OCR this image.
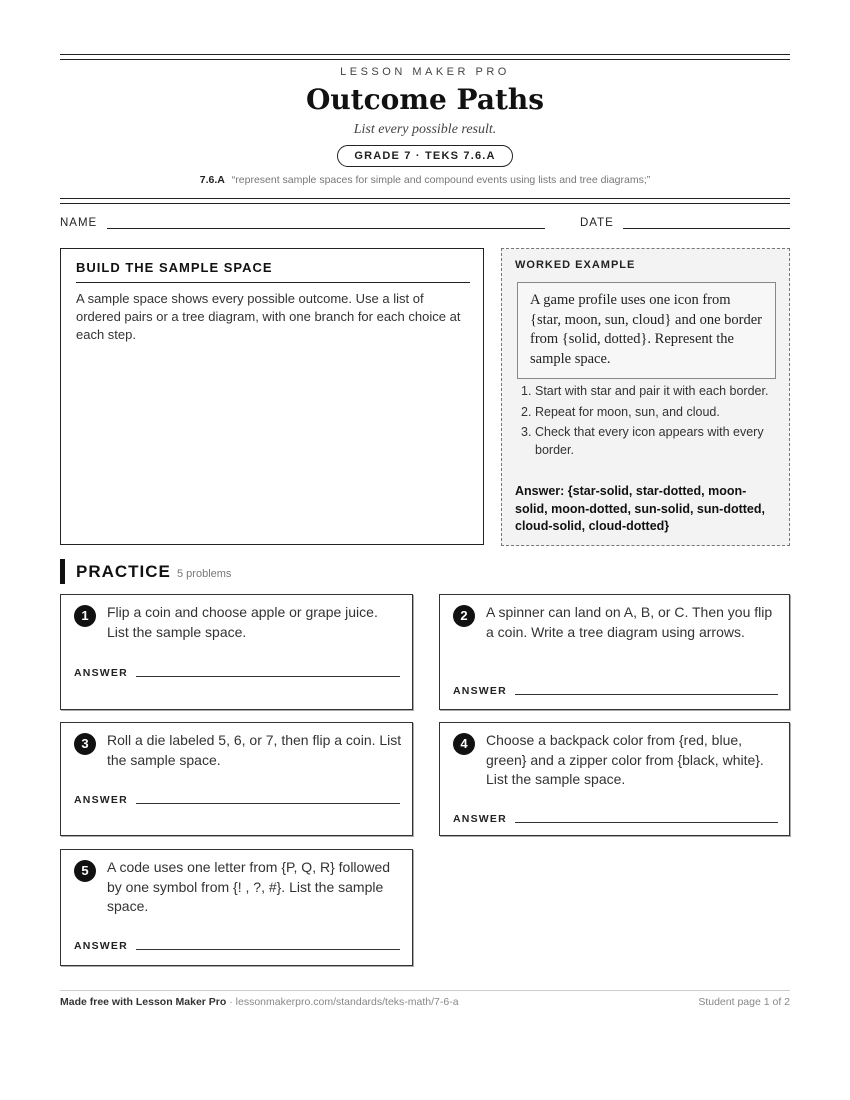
LESSON MAKER PRO
Outcome Paths
List every possible result.
GRADE 7 · TEKS 7.6.A
7.6.A “represent sample spaces for simple and compound events using lists and tree diagrams;”
NAME	DATE
BUILD THE SAMPLE SPACE
A sample space shows every possible outcome. Use a list of ordered pairs or a tree diagram, with one branch for each choice at each step.
WORKED EXAMPLE
A game profile uses one icon from {star, moon, sun, cloud} and one border from {solid, dotted}. Represent the sample space.
1. Start with star and pair it with each border.
2. Repeat for moon, sun, and cloud.
3. Check that every icon appears with every border.
Answer: {star-solid, star-dotted, moon-solid, moon-dotted, sun-solid, sun-dotted, cloud-solid, cloud-dotted}
PRACTICE 5 problems
1	Flip a coin and choose apple or grape juice. List the sample space.
ANSWER
2	A spinner can land on A, B, or C. Then you flip a coin. Write a tree diagram using arrows.
ANSWER
3	Roll a die labeled 5, 6, or 7, then flip a coin. List the sample space.
ANSWER
4	Choose a backpack color from {red, blue, green} and a zipper color from {black, white}. List the sample space.
ANSWER
5	A code uses one letter from {P, Q, R} followed by one symbol from {! , ?, #}. List the sample space.
ANSWER
Made free with Lesson Maker Pro · lessonmakerpro.com/standards/teks-math/7-6-a	Student page 1 of 2
